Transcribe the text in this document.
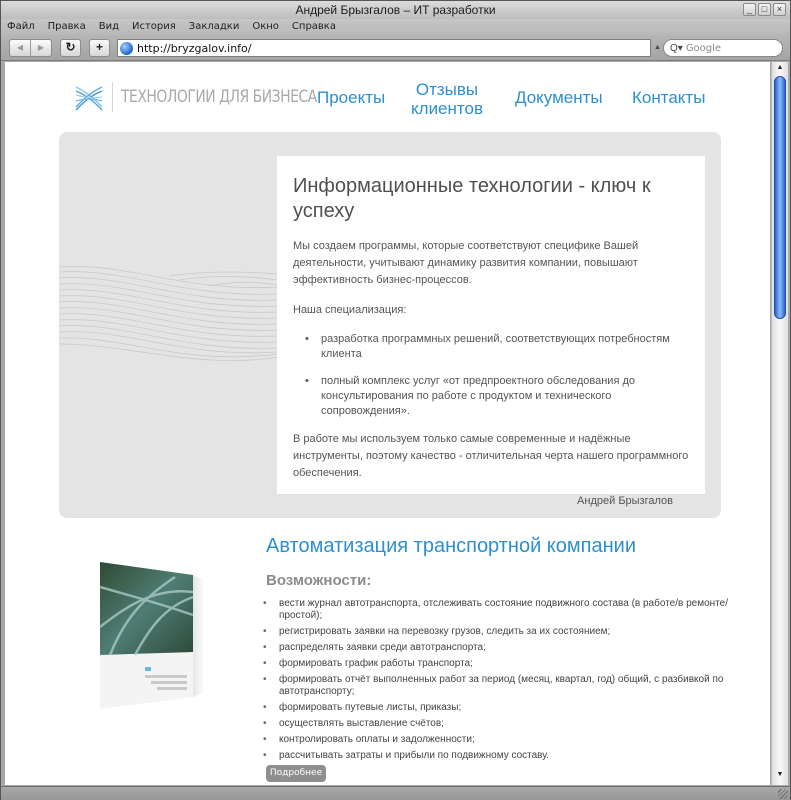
Андрей Брызгалов – ИТ разработки	_	□	×
Файл Правка Вид История Закладки Окно Справка
◀	▶	↻	+	http://bryzgalov.info/	▲ Q▾ Google
ТЕХНОЛОГИИ ДЛЯ БИЗНЕСА Проекты Отзывы клиентов
Документы Контакты
Информационные технологии - ключ к успеху

Мы создаем программы, которые соответствуют специфике Вашей деятельности, учитывают динамику развития компании, повышают эффективность бизнес-процессов.

Наша специализация:

• разработка программных решений, соответствующих потребностям клиента
• полный комплекс услуг «от предпроектного обследования до консультирования по работе с продуктом и технического сопровождения».

В работе мы используем только самые современные и надёжные инструменты, поэтому качество - отличительная черта нашего программного обеспечения.

Андрей Брызгалов

Автоматизация транспортной компании
Возможности:
• вести журнал автотранспорта, отслеживать состояние подвижного состава (в работе/в ремонте/простой);
• регистрировать заявки на перевозку грузов, следить за их состоянием;
• распределять заявки среди автотранспорта;
• формировать график работы транспорта;
• формировать отчёт выполненных работ за период (месяц, квартал, год) общий, с разбивкой по автотранспорту;
• формировать путевые листы, приказы;
• осуществлять выставление счётов;
• контролировать оплаты и задолженности;
• рассчитывать затраты и прибыли по подвижному составу.
Подробнее
▲
▼
